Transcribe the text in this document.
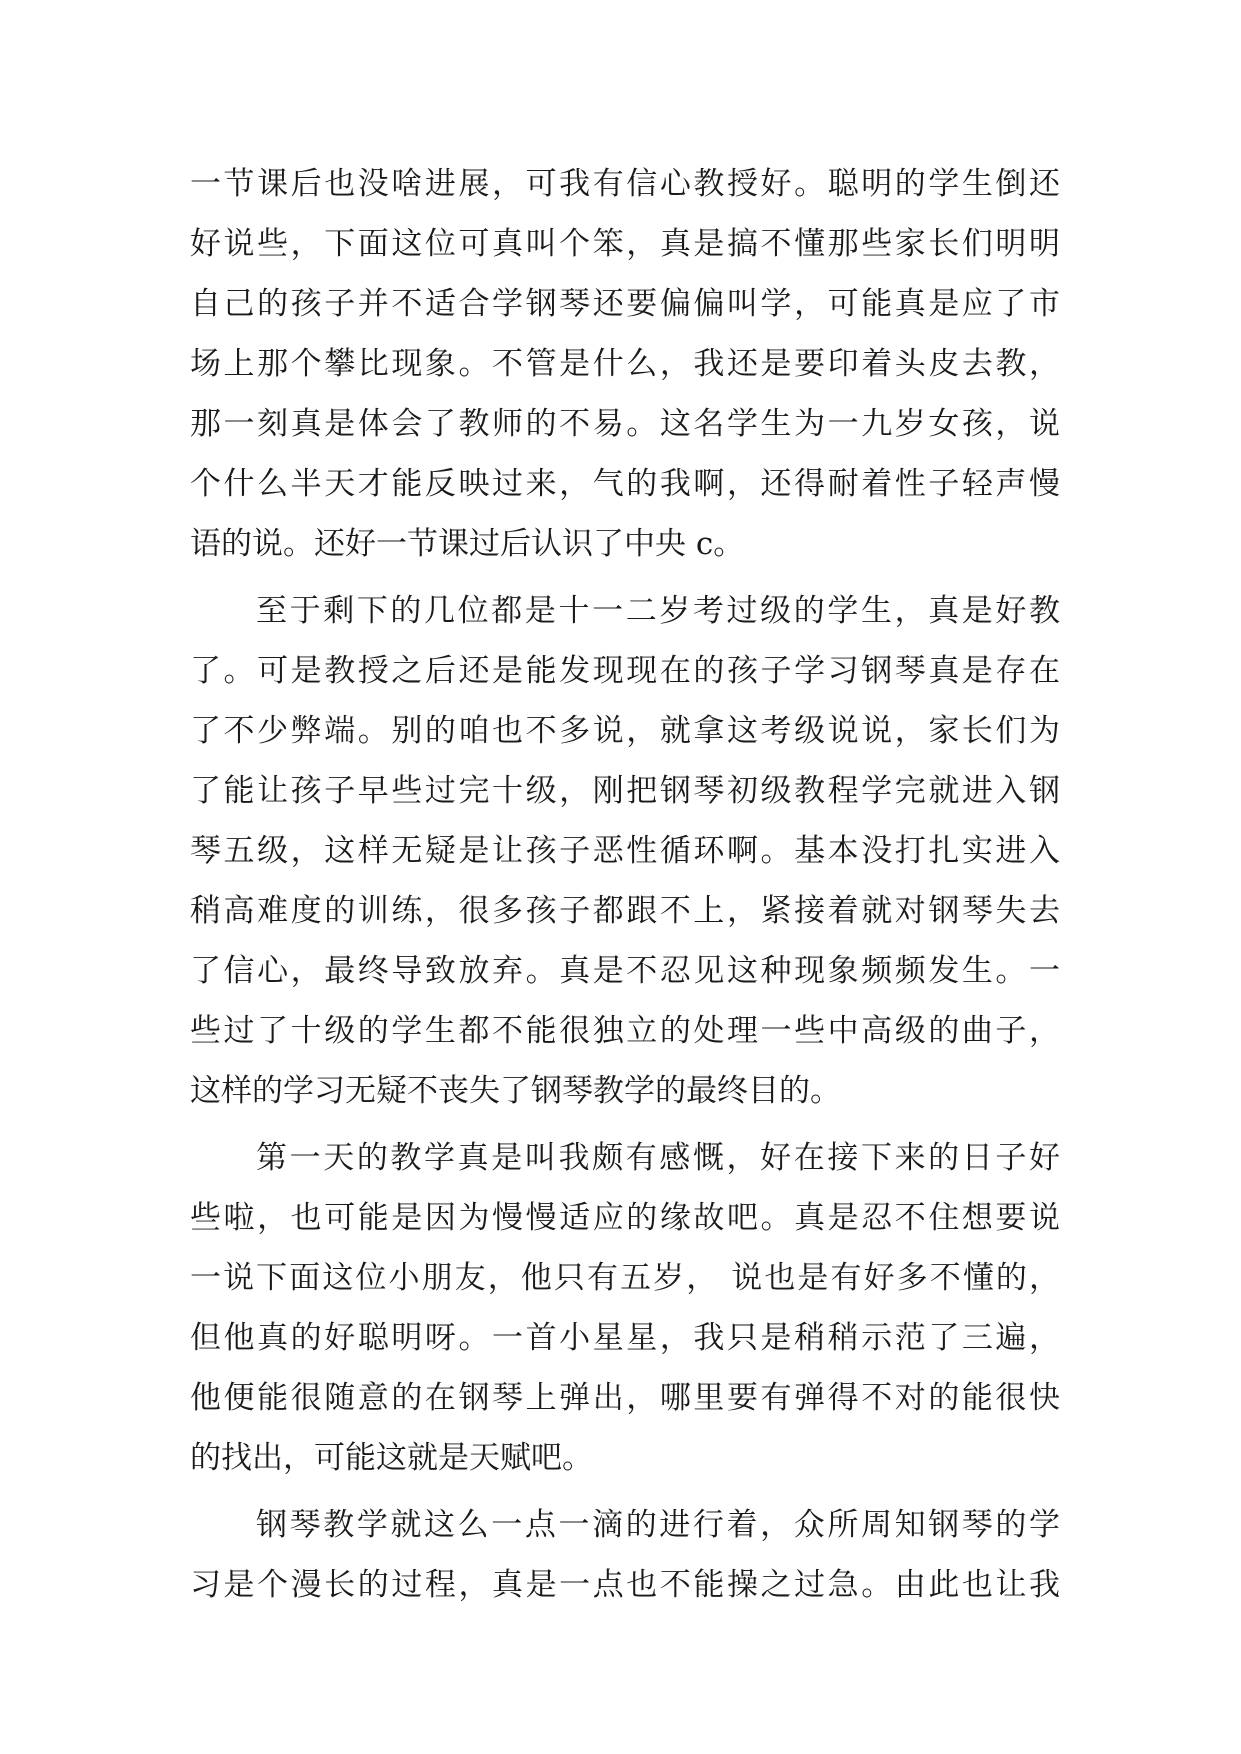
一节课后也没啥进展，可我有信心教授好。聪明的学生倒还
好说些，下面这位可真叫个笨，真是搞不懂那些家长们明明
自己的孩子并不适合学钢琴还要偏偏叫学，可能真是应了市
场上那个攀比现象。不管是什么，我还是要印着头皮去教，
那一刻真是体会了教师的不易。这名学生为一九岁女孩，说
个什么半天才能反映过来，气的我啊，还得耐着性子轻声慢
语的说。还好一节课过后认识了中央 c。
至于剩下的几位都是十一二岁考过级的学生，真是好教
了。可是教授之后还是能发现现在的孩子学习钢琴真是存在
了不少弊端。别的咱也不多说，就拿这考级说说，家长们为
了能让孩子早些过完十级，刚把钢琴初级教程学完就进入钢
琴五级，这样无疑是让孩子恶性循环啊。基本没打扎实进入
稍高难度的训练，很多孩子都跟不上，紧接着就对钢琴失去
了信心，最终导致放弃。真是不忍见这种现象频频发生。一
些过了十级的学生都不能很独立的处理一些中高级的曲子，
这样的学习无疑不丧失了钢琴教学的最终目的。
第一天的教学真是叫我颇有感慨，好在接下来的日子好
些啦，也可能是因为慢慢适应的缘故吧。真是忍不住想要说
一说下面这位小朋友，他只有五岁， 说也是有好多不懂的，
但他真的好聪明呀。一首小星星，我只是稍稍示范了三遍，
他便能很随意的在钢琴上弹出，哪里要有弹得不对的能很快
的找出，可能这就是天赋吧。
钢琴教学就这么一点一滴的进行着，众所周知钢琴的学
习是个漫长的过程，真是一点也不能操之过急。由此也让我
